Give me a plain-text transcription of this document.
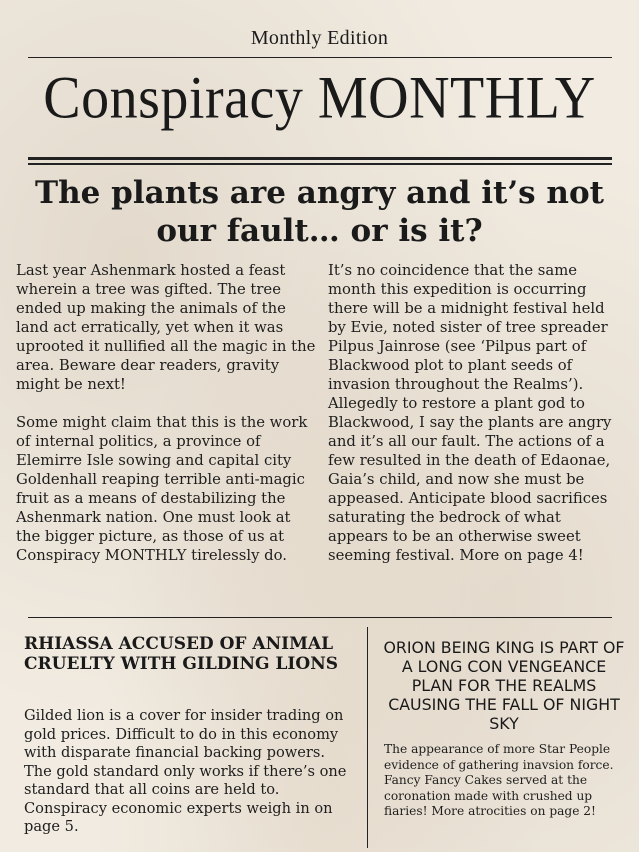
Monthly Edition
Conspiracy MONTHLY
The plants are angry and it’s not our fault… or is it?

Last year Ashenmark hosted a feast wherein a tree was gifted. The tree ended up making the animals of the land act erratically, yet when it was uprooted it nullified all the magic in the area. Beware dear readers, gravity might be next!

Some might claim that this is the work of internal politics, a province of Elemirre Isle sowing and capital city Goldenhall reaping terrible anti-magic fruit as a means of destabilizing the Ashenmark nation. One must look at the bigger picture, as those of us at Conspiracy MONTHLY tirelessly do.

It’s no coincidence that the same month this expedition is occurring there will be a midnight festival held by Evie, noted sister of tree spreader Pilpus Jainrose (see ‘Pilpus part of Blackwood plot to plant seeds of invasion throughout the Realms’). Allegedly to restore a plant god to Blackwood, I say the plants are angry and it’s all our fault. The actions of a few resulted in the death of Edaonae, Gaia’s child, and now she must be appeased. Anticipate blood sacrifices saturating the bedrock of what appears to be an otherwise sweet seeming festival. More on page 4!

RHIASSA ACCUSED OF ANIMAL CRUELTY WITH GILDING LIONS
Gilded lion is a cover for insider trading on gold prices. Difficult to do in this economy with disparate financial backing powers. The gold standard only works if there’s one standard that all coins are held to. Conspiracy economic experts weigh in on page 5.
ORION BEING KING IS PART OF A LONG CON VENGEANCE PLAN FOR THE REALMS CAUSING THE FALL OF NIGHT SKY
The appearance of more Star People evidence of gathering inavsion force. Fancy Fancy Cakes served at the coronation made with crushed up fiaries! More atrocities on page 2!
